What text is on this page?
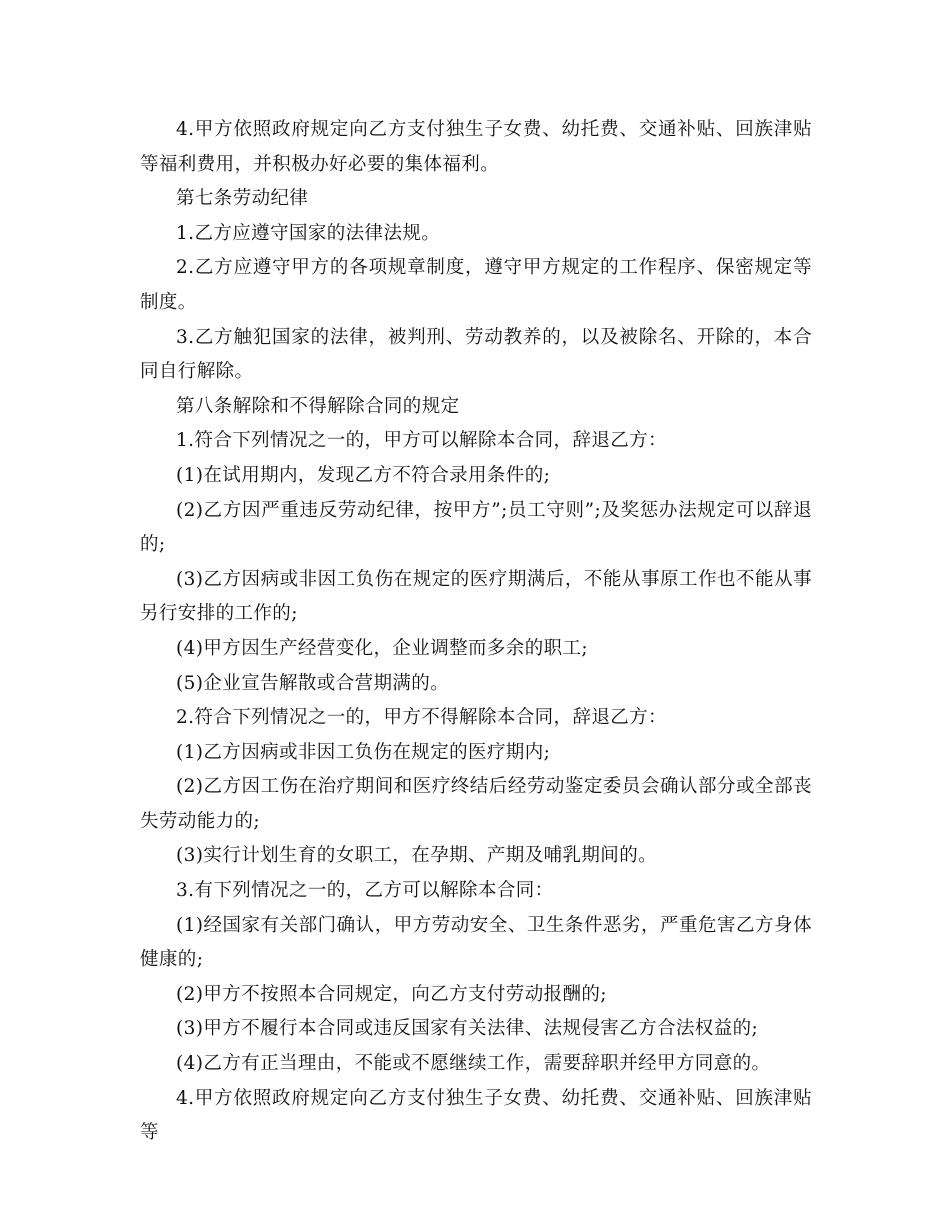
4.甲方依照政府规定向乙方支付独生子女费、幼托费、交通补贴、回族津贴等福利费用，并积极办好必要的集体福利。

第七条劳动纪律

1.乙方应遵守国家的法律法规。

2.乙方应遵守甲方的各项规章制度，遵守甲方规定的工作程序、保密规定等制度。

3.乙方触犯国家的法律，被判刑、劳动教养的，以及被除名、开除的，本合同自行解除。

第八条解除和不得解除合同的规定

1.符合下列情况之一的，甲方可以解除本合同，辞退乙方：

(1)在试用期内，发现乙方不符合录用条件的;

(2)乙方因严重违反劳动纪律，按甲方”;员工守则”;及奖惩办法规定可以辞退的;

(3)乙方因病或非因工负伤在规定的医疗期满后，不能从事原工作也不能从事另行安排的工作的;

(4)甲方因生产经营变化，企业调整而多余的职工;

(5)企业宣告解散或合营期满的。

2.符合下列情况之一的，甲方不得解除本合同，辞退乙方：

(1)乙方因病或非因工负伤在规定的医疗期内;

(2)乙方因工伤在治疗期间和医疗终结后经劳动鉴定委员会确认部分或全部丧失劳动能力的;

(3)实行计划生育的女职工，在孕期、产期及哺乳期间的。

3.有下列情况之一的，乙方可以解除本合同：

(1)经国家有关部门确认，甲方劳动安全、卫生条件恶劣，严重危害乙方身体健康的;

(2)甲方不按照本合同规定，向乙方支付劳动报酬的;

(3)甲方不履行本合同或违反国家有关法律、法规侵害乙方合法权益的;

(4)乙方有正当理由，不能或不愿继续工作，需要辞职并经甲方同意的。

4.甲方依照政府规定向乙方支付独生子女费、幼托费、交通补贴、回族津贴等
